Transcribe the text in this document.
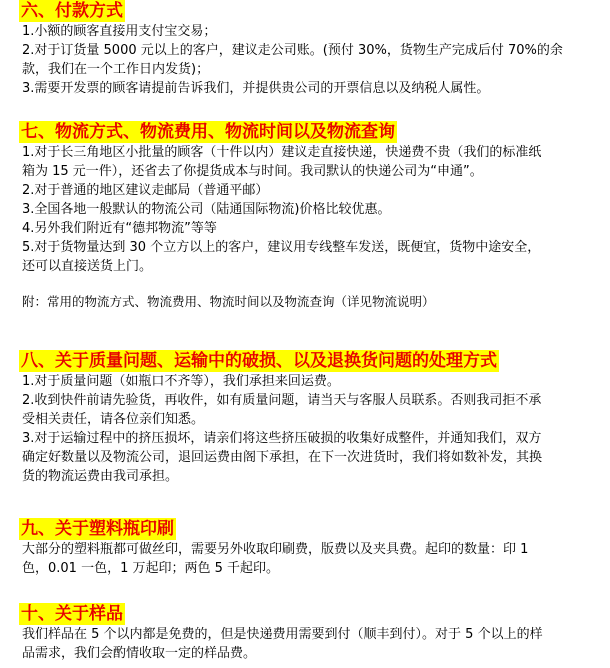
六、付款方式
1.小额的顾客直接用支付宝交易；
2.对于订货量 5000 元以上的客户，建议走公司账。(预付 30%，货物生产完成后付 70%的余
款，我们在一个工作日内发货)；
3.需要开发票的顾客请提前告诉我们，并提供贵公司的开票信息以及纳税人属性。
七、物流方式、物流费用、物流时间以及物流查询
1.对于长三角地区小批量的顾客（十件以内）建议走直接快递，快递费不贵（我们的标准纸
箱为 15 元一件），还省去了你提货成本与时间。我司默认的快递公司为“申通”。
2.对于普通的地区建议走邮局（普通平邮）
3.全国各地一般默认的物流公司（陆通国际物流)价格比较优惠。
4.另外我们附近有“德邦物流”等等
5.对于货物量达到 30 个立方以上的客户，建议用专线整车发送，既便宜，货物中途安全，
还可以直接送货上门。
附：常用的物流方式、物流费用、物流时间以及物流查询（详见物流说明）
八、关于质量问题、运输中的破损、以及退换货问题的处理方式
1.对于质量问题（如瓶口不齐等），我们承担来回运费。
2.收到快件前请先验货，再收件，如有质量问题，请当天与客服人员联系。否则我司拒不承
受相关责任，请各位亲们知悉。
3.对于运输过程中的挤压损坏，请亲们将这些挤压破损的收集好成整件，并通知我们，双方
确定好数量以及物流公司，退回运费由阁下承担，在下一次进货时，我们将如数补发，其换
货的物流运费由我司承担。
九、关于塑料瓶印刷
大部分的塑料瓶都可做丝印，需要另外收取印刷费，版费以及夹具费。起印的数量：印 1
色，0.01 一色，1 万起印；两色 5 千起印。
十、关于样品
我们样品在 5 个以内都是免费的，但是快递费用需要到付（顺丰到付）。对于 5 个以上的样
品需求，我们会酌情收取一定的样品费。
